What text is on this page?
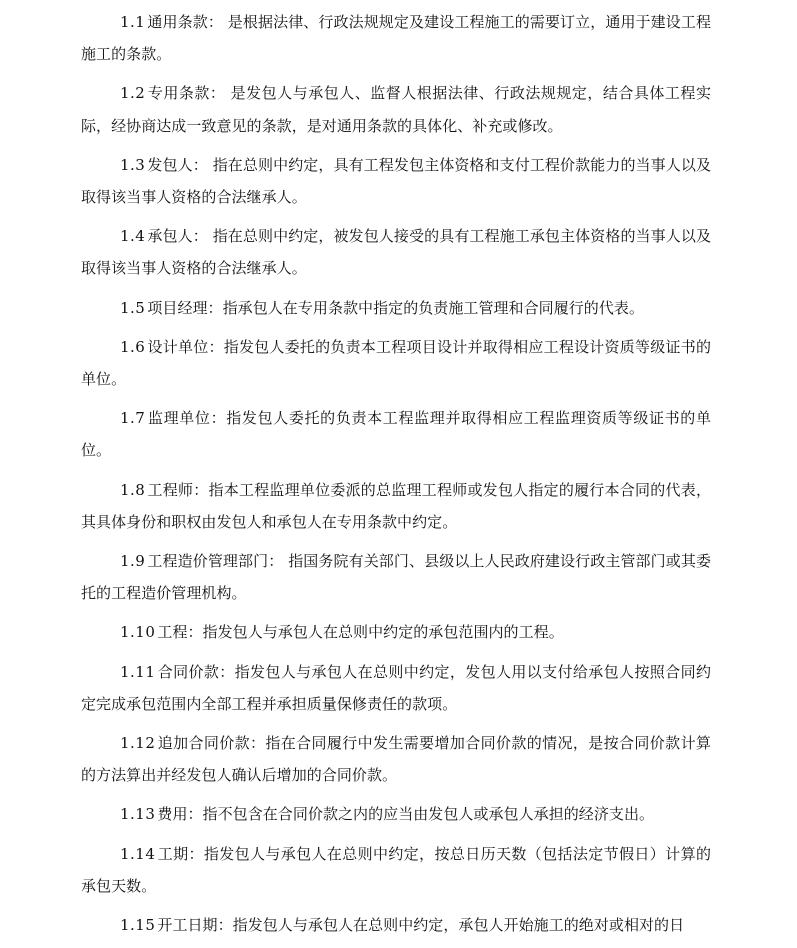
1.1 通用条款： 是根据法律、行政法规规定及建设工程施工的需要订立，通用于建设工程施工的条款。

1.2 专用条款： 是发包人与承包人、监督人根据法律、行政法规规定，结合具体工程实际，经协商达成一致意见的条款，是对通用条款的具体化、补充或修改。

1.3 发包人： 指在总则中约定，具有工程发包主体资格和支付工程价款能力的当事人以及取得该当事人资格的合法继承人。

1.4 承包人： 指在总则中约定，被发包人接受的具有工程施工承包主体资格的当事人以及取得该当事人资格的合法继承人。

1.5 项目经理：指承包人在专用条款中指定的负责施工管理和合同履行的代表。

1.6 设计单位：指发包人委托的负责本工程项目设计并取得相应工程设计资质等级证书的单位。

1.7 监理单位：指发包人委托的负责本工程监理并取得相应工程监理资质等级证书的单位。

1.8 工程师：指本工程监理单位委派的总监理工程师或发包人指定的履行本合同的代表，其具体身份和职权由发包人和承包人在专用条款中约定。

1.9 工程造价管理部门： 指国务院有关部门、县级以上人民政府建设行政主管部门或其委托的工程造价管理机构。

1.10 工程：指发包人与承包人在总则中约定的承包范围内的工程。

1.11 合同价款：指发包人与承包人在总则中约定，发包人用以支付给承包人按照合同约定完成承包范围内全部工程并承担质量保修责任的款项。

1.12 追加合同价款：指在合同履行中发生需要增加合同价款的情况，是按合同价款计算的方法算出并经发包人确认后增加的合同价款。

1.13 费用：指不包含在合同价款之内的应当由发包人或承包人承担的经济支出。

1.14 工期：指发包人与承包人在总则中约定，按总日历天数（包括法定节假日）计算的承包天数。

1.15 开工日期：指发包人与承包人在总则中约定，承包人开始施工的绝对或相对的日
